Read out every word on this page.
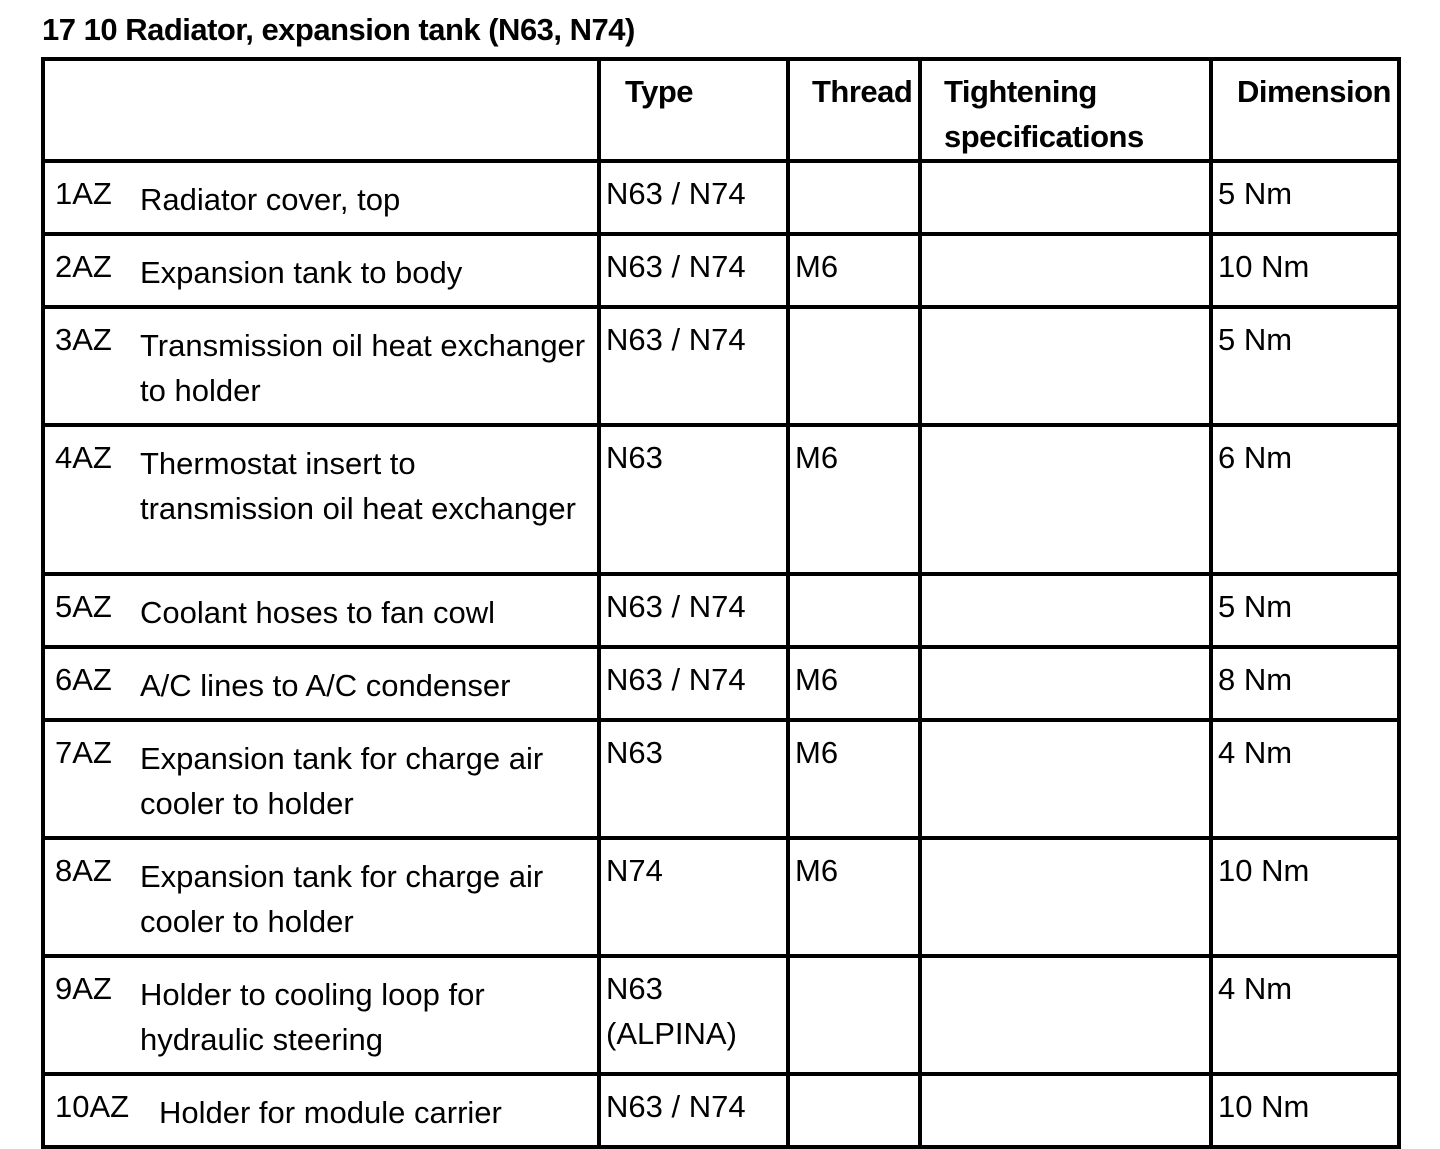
17 10 Radiator, expansion tank (N63, N74)
	Type	Thread	Tightening specifications	Dimension

1AZ Radiator cover, top	N63 / N74			5 Nm

2AZ Expansion tank to body	N63 / N74	M6		10 Nm

3AZ Transmission oil heat exchanger to holder	N63 / N74			5 Nm

4AZ Thermostat insert to transmission oil heat exchanger	N63	M6		6 Nm

5AZ Coolant hoses to fan cowl	N63 / N74			5 Nm

6AZ A/C lines to A/C condenser	N63 / N74	M6		8 Nm

7AZ Expansion tank for charge air cooler to holder	N63	M6		4 Nm

8AZ Expansion tank for charge air cooler to holder	N74	M6		10 Nm

9AZ Holder to cooling loop for hydraulic steering	N63 (ALPINA)			4 Nm

10AZ Holder for module carrier	N63 / N74			10 Nm
